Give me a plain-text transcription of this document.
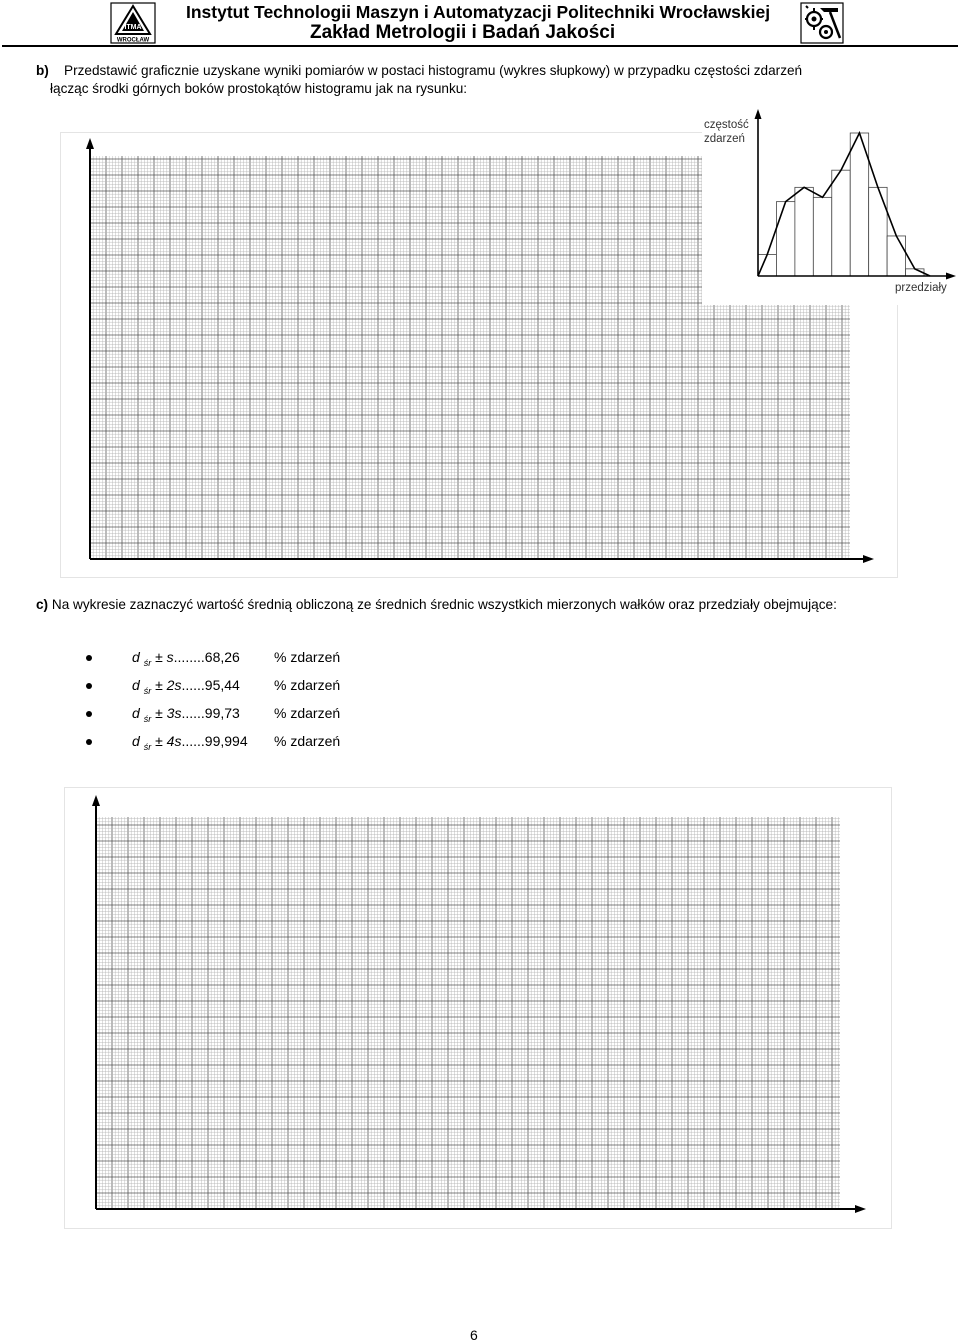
ITMA
WROCŁAW
Instytut Technologii Maszyn i Automatyzacji Politechniki Wrocławskiej
Zakład Metrologii i Badań Jakości
b) Przedstawić graficznie uzyskane wyniki pomiarów w postaci histogramu (wykres słupkowy) w przypadku częstości zdarzeń
łącząc środki górnych boków prostokątów histogramu jak na rysunku:
częstość
zdarzeń
przedziały
c) Na wykresie zaznaczyć wartość średnią obliczoną ze średnich średnic wszystkich mierzonych wałków oraz przedziały obejmujące:
d $_{śr}$ ± s........68,26 % zdarzeń
d $_{śr}$ ± 2s......95,44 % zdarzeń
d $_{śr}$ ± 3s......99,73 % zdarzeń
d $_{śr}$ ± 4s......99,994 % zdarzeń
6
